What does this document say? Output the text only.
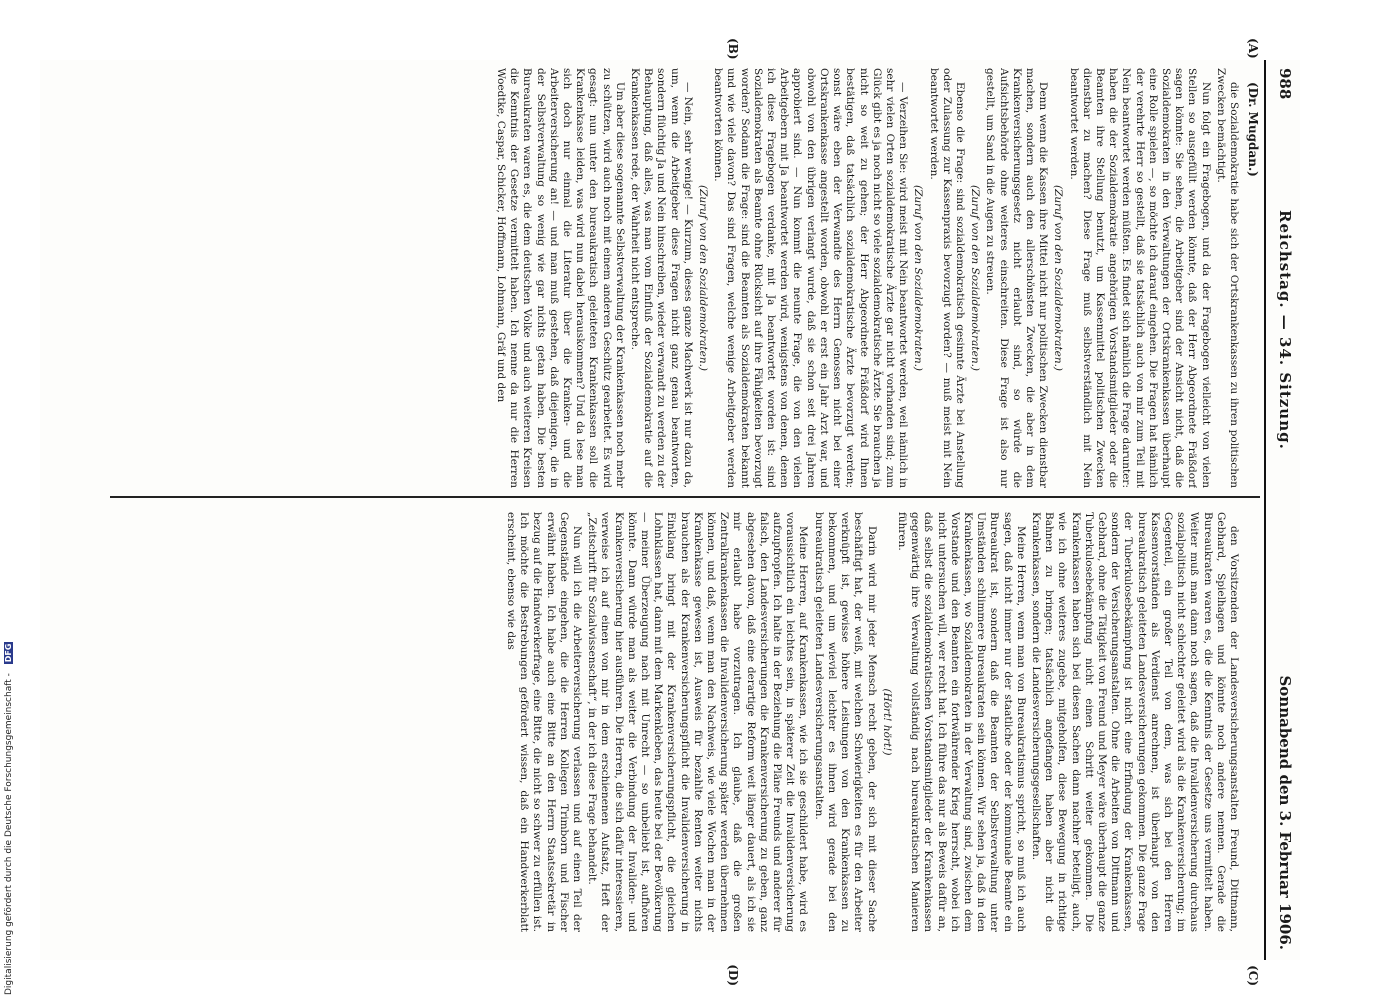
988
Reichstag. — 34. Sitzung.
Sonnabend den 3. Februar 1906.
(Dr. Mugdan.)
(A)
(B)
(C)
(D)

die Sozialdemokratie habe sich der Ortskrankenkassen zu ihren politischen Zwecken bemächtigt.

Nun folgt ein Fragebogen, und da der Fragebogen vielleicht von vielen Stellen so ausgefüllt werden könnte, daß der Herr Abgeordnete Fräßdorf sagen könnte: Sie sehen, die Arbeitgeber sind der Ansicht nicht, daß die Sozialdemokraten in den Verwaltungen der Ortskrankenkassen überhaupt eine Rolle spielen —, so möchte ich darauf eingehen. Die Fragen hat nämlich der verehrte Herr so gestellt, daß sie tatsächlich auch von mir zum Teil mit Nein beantwortet werden müßten. Es findet sich nämlich die Frage darunter: haben die der Sozialdemokratie angehörigen Vorstandsmitglieder oder die Beamten ihre Stellung benutzt, um Kassenmittel politischen Zwecken dienstbar zu machen? Diese Frage muß selbstverständlich mit Nein beantwortet werden.

(Zuruf von den Sozialdemokraten.)

Denn wenn die Kassen ihre Mittel nicht nur politischen Zwecken dienstbar machen, sondern auch den allerschönsten Zwecken, die aber in dem Krankenversicherungsgesetz nicht erlaubt sind, so würde die Aufsichtsbehörde ohne weiteres einschreiten. Diese Frage ist also nur gestellt, um Sand in die Augen zu streuen.

(Zuruf von den Sozialdemokraten.)

Ebenso die Frage: sind sozialdemokratisch gesinnte Ärzte bei Anstellung oder Zulassung zur Kassenpraxis bevorzugt worden? — muß meist mit Nein beantwortet werden.

(Zuruf von den Sozialdemokraten.)

— Verzeihen Sie: wird meist mit Nein beantwortet werden, weil nämlich in sehr vielen Orten sozialdemokratische Ärzte gar nicht vorhanden sind; zum Glück gibt es ja noch nicht so viele sozialdemokratische Ärzte. Sie brauchen ja nicht so weit zu gehen; der Herr Abgeordnete Fräßdorf wird Ihnen bestätigen, daß tatsächlich sozialdemokratische Ärzte bevorzugt werden; sonst wäre eben der Verwandte des Herrn Genossen nicht bei einer Ortskrankenkasse angestellt worden, obwohl er erst ein Jahr Arzt war, und obwohl von den übrigen verlangt wurde, daß sie schon seit drei Jahren approbiert sind. — Nun kommt die neunte Frage, die von den vielen Arbeitgebern mit Ja beantwortet werden wird, wenigstens von denen, denen ich diese Fragebogen verdanke, mit Ja beantwortet worden ist: sind Sozialdemokraten als Beamte ohne Rücksicht auf ihre Fähigkeiten bevorzugt worden? Sodann die Frage: sind die Beamten als Sozialdemokraten bekannt und wie viele davon? Das sind Fragen, welche wenige Arbeitgeber werden beantworten können.

(Zuruf von den Sozialdemokraten.)

— Nein, sehr wenige! — Kurzum, dieses ganze Machwerk ist nur dazu da, um, wenn die Arbeitgeber diese Fragen nicht ganz genau beantworten, sondern flüchtig Ja und Nein hinschreiben, wieder verwandt zu werden zu der Behauptung, daß alles, was man vom Einfluß der Sozialdemokratie auf die Krankenkassen rede, der Wahrheit nicht entspreche.

Um aber diese sogenannte Selbstverwaltung der Krankenkassen noch mehr zu schützen, wird auch noch mit einem anderen Geschütz gearbeitet. Es wird gesagt: nun unter den bureaukratisch geleiteten Krankenkassen soll die Krankenkasse leiden, was wird nun dabei herauskommen? Und da lese man sich doch nur einmal die Literatur über die Kranken- und die Arbeiterversicherung an! — und man muß gestehen, daß diejenigen, die in der Selbstverwaltung so wenig wie gar nichts getan haben. Die besten Bureaukraten waren es, die dem deutschen Volke und auch weiteren Kreisen die Kenntnis der Gesetze vermittelt haben. Ich nenne da nur die Herren Woedtke, Caspar, Schicker, Hoffmann, Lohmann, Gräf und den

den Vorsitzenden der Landesversicherungsanstalten Freund, Dittmann, Gebhard, Spielhagen und könnte noch andere nennen. Gerade die Bureaukraten waren es, die die Kenntnis der Gesetze uns vermittelt haben. Weiter muß man dann noch sagen, daß die Invalidenversicherung durchaus sozialpolitisch nicht schlechter geleitet wird als die Krankenversicherung; im Gegenteil, ein großer Teil von dem, was sich bei den Herren Kassenvorständen als Verdienst anrechnen, ist überhaupt von den bureaukratisch geleiteten Landesversicherungen gekommen. Die ganze Frage der Tuberkulosebekämpfung ist nicht eine Erfindung der Krankenkassen, sondern der Versicherungsanstalten. Ohne die Arbeiten von Dittmann und Gebhard, ohne die Tätigkeit von Freund und Meyer wäre überhaupt die ganze Tuberkulosebekämpfung nicht einen Schritt weiter gekommen. Die Krankenkassen haben sich bei diesen Sachen dann nachher beteiligt, auch, wie ich ohne weiteres zugebe, mitgeholfen, diese Bewegung in richtige Bahnen zu bringen; tatsächlich angefangen haben aber nicht die Krankenkassen, sondern die Landesversicherungsgesellschaften.

Meine Herren, wenn man von Bureaukratismus spricht, so muß ich auch sagen, daß nicht immer nur der staatliche oder der kommunale Beamte ein Bureaukrat ist, sondern daß die Beamten der Selbstverwaltung unter Umständen schlimmere Bureaukraten sein können. Wir sehen ja, daß in den Krankenkassen, wo Sozialdemokraten in der Verwaltung sind, zwischen dem Vorstande und den Beamten ein fortwährender Krieg herrscht, wobei ich nicht untersuchen will, wer recht hat. Ich führe das nur als Beweis dafür an, daß selbst die sozialdemokratischen Vorstandsmitglieder der Krankenkassen gegenwärtig ihre Verwaltung vollständig nach bureaukratischen Manieren führen.

(Hört! hört!)

Darin wird mir jeder Mensch recht geben, der sich mit dieser Sache beschäftigt hat, der weiß, mit welchen Schwierigkeiten es für den Arbeiter verknüpft ist, gewisse höhere Leistungen von den Krankenkassen zu bekommen, und um wieviel leichter es ihnen wird gerade bei den bureaukratisch geleiteten Landesversicherungsanstalten.

Meine Herren, auf Krankenkassen, wie ich sie geschildert habe, wird es voraussichtlich ein leichtes sein, in späterer Zeit die Invalidenversicherung aufzupfropfen. Ich halte in der Beziehung die Pläne Freunds und anderer für falsch, den Landesversicherungen die Krankenversicherung zu geben, ganz abgesehen davon, daß eine derartige Reform weit länger dauert, als ich sie mir erlaubt habe vorzutragen. Ich glaube, daß die großen Zentralkrankenkassen die Invalidenversicherung später werden übernehmen können, und daß, wenn man den Nachweis, wie viele Wochen man in der Krankenkasse gewesen ist, Ausweis für bezahlte Renten weiter nichts brauchen als der Krankenversicherungspflicht die Invalidenversicherung in Einklang bringt mit der Krankenversicherungspflicht, die gleichen Lohnklassen hat, dann mit dem Markenkleben, das heute bei der Bevölkerung — meiner Überzeugung nach mit Unrecht — so unbeliebt ist, aufhören könnte. Dann würde man als weiter die Verbindung der Invaliden- und Krankenversicherung hier ausführen. Die Herren, die sich dafür interessieren, verweise ich auf einen von mir in dem erschienenen Aufsatz, Heft der „Zeitschrift für Sozialwissenschaft“, in der ich diese Frage behandelt.

Nun will ich die Arbeiterversicherung verlassen und auf einen Teil der Gegenstände eingehen, die die Herren Kollegen Trimborn und Fischer erwähnt haben. Ich habe auch eine Bitte an den Herrn Staatssekretär in bezug auf die Handwerkerfrage, eine Bitte, die nicht so schwer zu erfüllen ist. Ich möchte die Bestrebungen gefördert wissen, daß ein Handwerkerblatt erscheint, ebenso wie das

Digitalisierung gefördert durch die Deutsche Forschungsgemeinschaft - DFG
